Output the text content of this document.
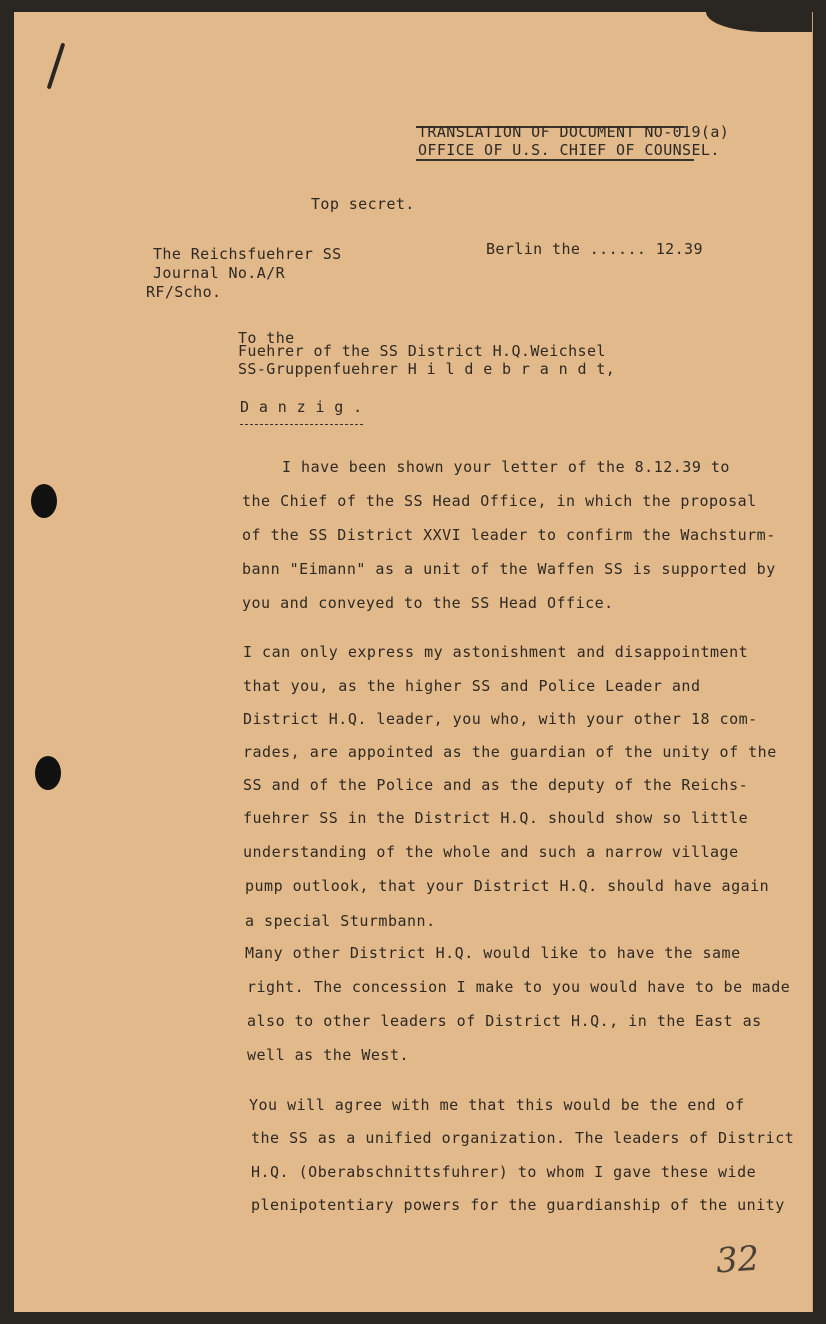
TRANSLATION OF DOCUMENT NO-019(a)
OFFICE OF U.S. CHIEF OF COUNSEL.
Top secret.
The Reichsfuehrer SS
Journal No.A/R
RF/Scho.
Berlin the ...... 12.39
To the
Fuehrer of the SS District H.Q.Weichsel
SS-Gruppenfuehrer H i l d e b r a n d t,
D a n z i g .
I have been shown your letter of the 8.12.39 to
the Chief of the SS Head Office, in which the proposal
of the SS District XXVI leader to confirm the Wachsturm-
bann "Eimann" as a unit of the Waffen SS is supported by
you and conveyed to the SS Head Office.
I can only express my astonishment and disappointment
that you, as the higher SS and Police Leader and
District H.Q. leader, you who, with your other 18 com-
rades, are appointed as the guardian of the unity of the
SS and of the Police and as the deputy of the Reichs-
fuehrer SS in the District H.Q. should show so little
understanding of the whole and such a narrow village
pump outlook, that your District H.Q. should have again
a special Sturmbann.
Many other District H.Q. would like to have the same
right. The concession I make to you would have to be made
also to other leaders of District H.Q., in the East as
well as the West.
You will agree with me that this would be the end of
the SS as a unified organization. The leaders of District
H.Q. (Oberabschnittsfuhrer) to whom I gave these wide
plenipotentiary powers for the guardianship of the unity
32
